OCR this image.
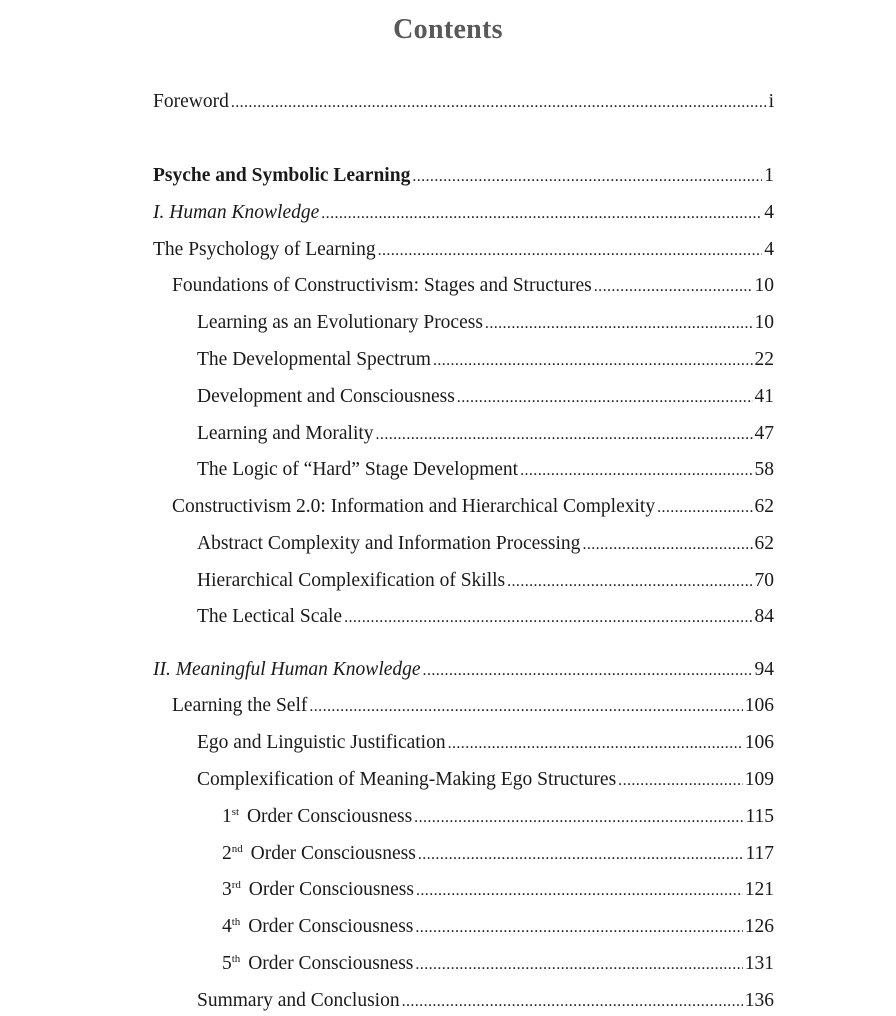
Contents
Foreword .....	i
Psyche and Symbolic Learning .....	1
I. Human Knowledge .....	4
The Psychology of Learning .....	4
Foundations of Constructivism: Stages and Structures .....	10
Learning as an Evolutionary Process .....	10
The Developmental Spectrum .....	22
Development and Consciousness .....	41
Learning and Morality .....	47
The Logic of “Hard” Stage Development .....	58
Constructivism 2.0: Information and Hierarchical Complexity .....	62
Abstract Complexity and Information Processing .....	62
Hierarchical Complexification of Skills .....	70
The Lectical Scale .....	84
II. Meaningful Human Knowledge .....	94
Learning the Self .....	106
Ego and Linguistic Justification .....	106
Complexification of Meaning-Making Ego Structures .....	109
1st Order Consciousness .....	115
2nd Order Consciousness .....	117
3rd Order Consciousness .....	121
4th Order Consciousness .....	126
5th Order Consciousness .....	131
Summary and Conclusion .....	136
